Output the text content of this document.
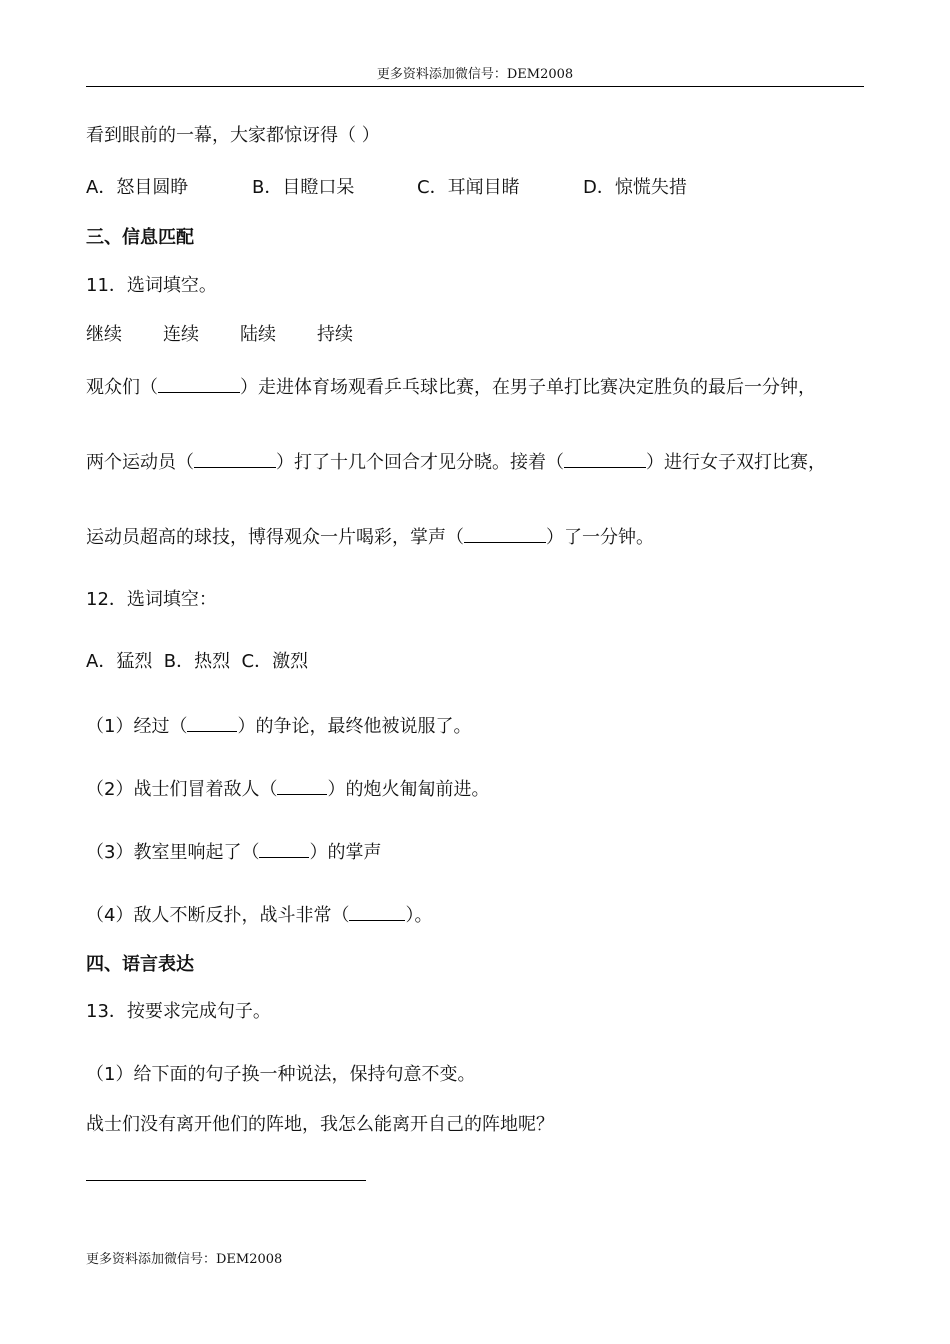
更多资料添加微信号：DEM2008
看到眼前的一幕，大家都惊讶得（ ）
A．怒目圆睁	B．目瞪口呆	C．耳闻目睹	D．惊慌失措
三、信息匹配
11．选词填空。
继续 连续 陆续 持续
观众们（	）走进体育场观看乒乓球比赛，在男子单打比赛决定胜负的最后一分钟，
两个运动员（	）打了十几个回合才见分晓。接着（	）进行女子双打比赛，
运动员超高的球技，博得观众一片喝彩，掌声（	）了一分钟。
12．选词填空：
A．猛烈  B．热烈  C．激烈
（1）经过（	）的争论，最终他被说服了。
（2）战士们冒着敌人（	）的炮火匍匐前进。
（3）教室里响起了（	）的掌声
（4）敌人不断反扑，战斗非常（	）。
四、语言表达
13．按要求完成句子。
（1）给下面的句子换一种说法，保持句意不变。
战士们没有离开他们的阵地，我怎么能离开自己的阵地呢？
更多资料添加微信号：DEM2008
